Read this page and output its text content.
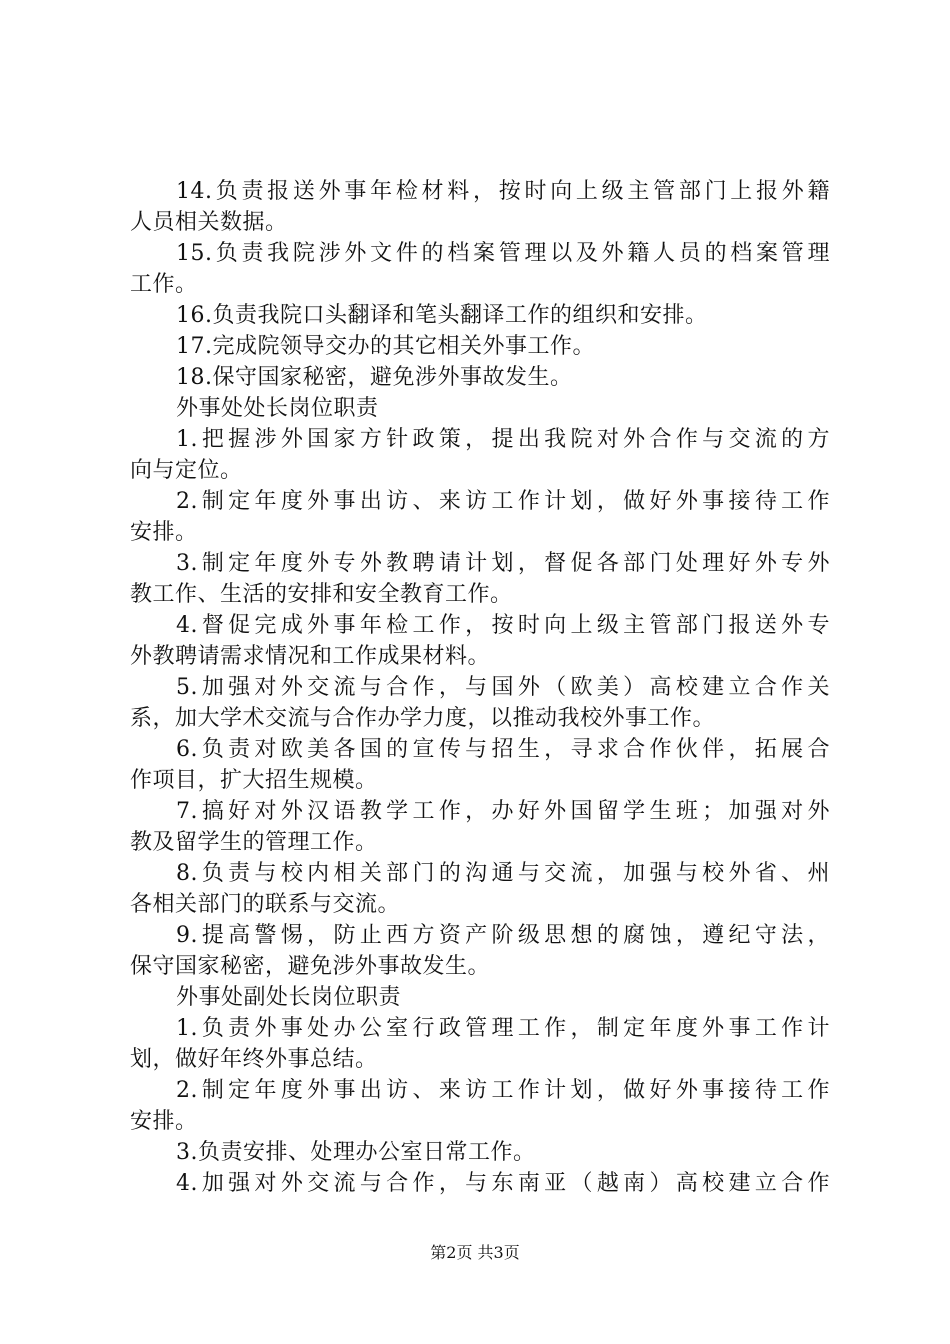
14.负责报送外事年检材料，按时向上级主管部门上报外籍
人员相关数据。
15.负责我院涉外文件的档案管理以及外籍人员的档案管理
工作。
16.负责我院口头翻译和笔头翻译工作的组织和安排。
17.完成院领导交办的其它相关外事工作。
18.保守国家秘密，避免涉外事故发生。
外事处处长岗位职责
1.把握涉外国家方针政策，提出我院对外合作与交流的方
向与定位。
2.制定年度外事出访、来访工作计划，做好外事接待工作
安排。
3.制定年度外专外教聘请计划，督促各部门处理好外专外
教工作、生活的安排和安全教育工作。
4.督促完成外事年检工作，按时向上级主管部门报送外专
外教聘请需求情况和工作成果材料。
5.加强对外交流与合作，与国外（欧美）高校建立合作关
系，加大学术交流与合作办学力度，以推动我校外事工作。
6.负责对欧美各国的宣传与招生，寻求合作伙伴，拓展合
作项目，扩大招生规模。
7.搞好对外汉语教学工作，办好外国留学生班；加强对外
教及留学生的管理工作。
8.负责与校内相关部门的沟通与交流，加强与校外省、州
各相关部门的联系与交流。
9.提高警惕，防止西方资产阶级思想的腐蚀，遵纪守法，
保守国家秘密，避免涉外事故发生。
外事处副处长岗位职责
1.负责外事处办公室行政管理工作，制定年度外事工作计
划，做好年终外事总结。
2.制定年度外事出访、来访工作计划，做好外事接待工作
安排。
3.负责安排、处理办公室日常工作。
4.加强对外交流与合作，与东南亚（越南）高校建立合作
第2页 共3页
